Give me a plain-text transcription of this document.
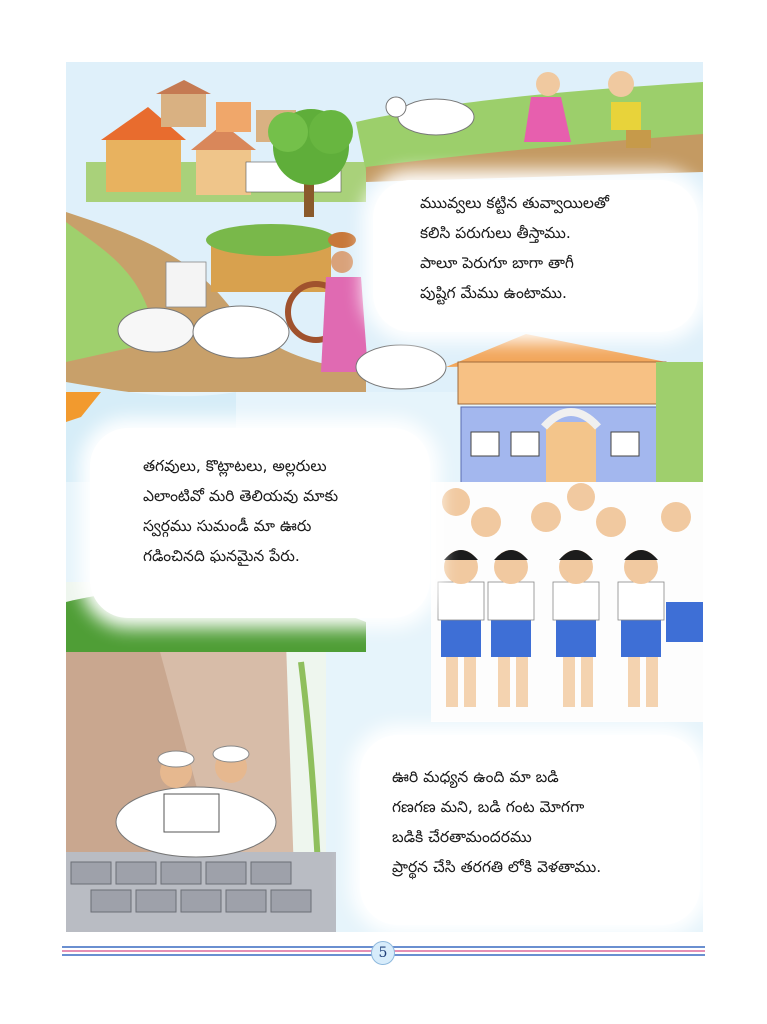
ముువ్వలు కట్టిన తువ్వాయిలతో
కలిసి పరుగులు తీస్తాము.
పాలూ పెరుగూ బాగా తాగీ
పుష్టిగ మేము ఉంటాము.
తగవులు, కొట్లాటలు, అల్లరులు
ఎలాంటివో మరి తెలియవు మాకు
స్వర్గము సుమండీ మా ఊరు
గడించినది ఘనమైన పేరు.
ఊరి మధ్యన ఉంది మా బడి
గణగణ మని, బడి గంట మోగగా
బడికి చేరతామందరము
ప్రార్థన చేసి తరగతి లోకి వెళతాము.
5
